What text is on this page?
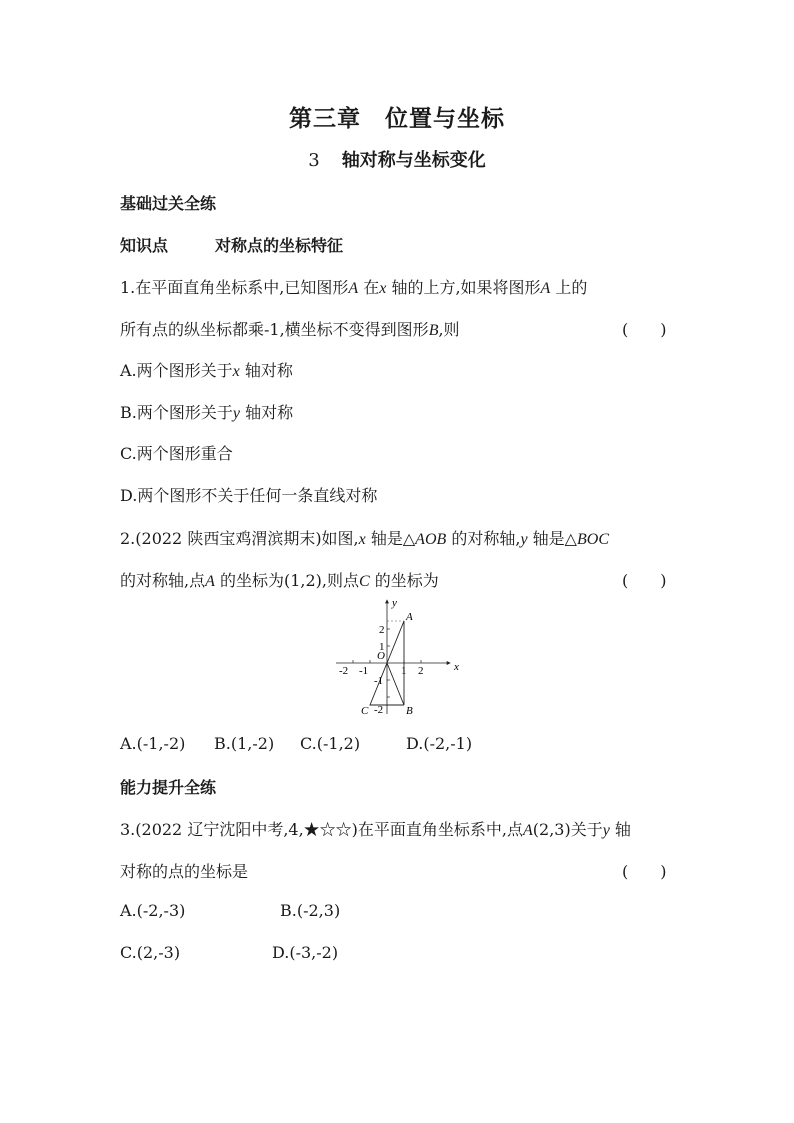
第三章　位置与坐标
3 轴对称与坐标变化
基础过关全练
知识点	对称点的坐标特征
1.在平面直角坐标系中,已知图形A 在x 轴的上方,如果将图形A 上的
所有点的纵坐标都乘-1,横坐标不变得到图形B,则	(　　)
A.两个图形关于x 轴对称
B.两个图形关于y 轴对称
C.两个图形重合
D.两个图形不关于任何一条直线对称
2.(2022 陕西宝鸡渭滨期末)如图,x 轴是△AOB 的对称轴,y 轴是△BOC
的对称轴,点A 的坐标为(1,2),则点C 的坐标为	(　　)
x
y
O
A
B
C
-2 -1	1 2
2
1
-1
-2
A.(-1,-2) B.(1,-2) C.(-1,2)	D.(-2,-1)
能力提升全练
3.(2022 辽宁沈阳中考,4,★☆☆)在平面直角坐标系中,点A(2,3)关于y 轴
对称的点的坐标是	(　　)
A.(-2,-3)	B.(-2,3)
C.(2,-3)	D.(-3,-2)
